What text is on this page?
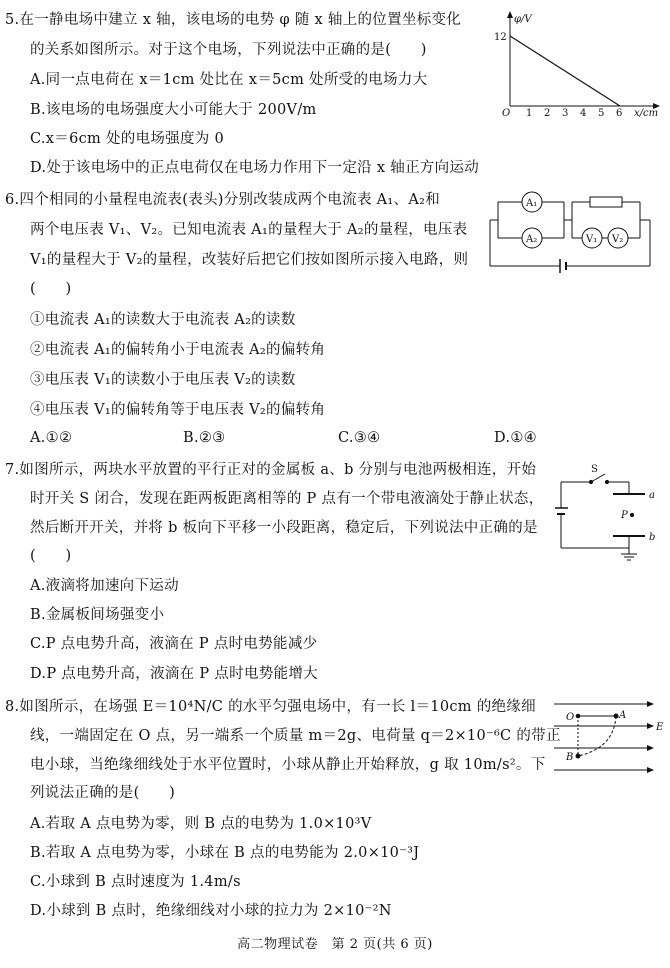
5.在一静电场中建立 x 轴，该电场的电势 φ 随 x 轴上的位置坐标变化
的关系如图所示。对于这个电场，下列说法中正确的是(　　)
A.同一点电荷在 x＝1cm 处比在 x＝5cm 处所受的电场力大
B.该电场的电场强度大小可能大于 200V/m
C.x＝6cm 处的电场强度为 0
D.处于该电场中的正点电荷仅在电场力作用下一定沿 x 轴正方向运动
φ/V
12
O 1 2 3 4 5 6 x/cm
6.四个相同的小量程电流表(表头)分别改装成两个电流表 A₁、A₂和
两个电压表 V₁、V₂。已知电流表 A₁的量程大于 A₂的量程，电压表
V₁的量程大于 V₂的量程，改装好后把它们按如图所示接入电路，则
(　　)
①电流表 A₁的读数大于电流表 A₂的读数
②电流表 A₁的偏转角小于电流表 A₂的偏转角
③电压表 V₁的读数小于电压表 V₂的读数
④电压表 V₁的偏转角等于电压表 V₂的偏转角
A.①②	B.②③	C.③④	D.①④
A₁
A₂	V₁ V₂
7.如图所示，两块水平放置的平行正对的金属板 a、b 分别与电池两极相连，开始
时开关 S 闭合，发现在距两板距离相等的 P 点有一个带电液滴处于静止状态，
然后断开开关，并将 b 板向下平移一小段距离，稳定后，下列说法中正确的是
(　　)
A.液滴将加速向下运动
B.金属板间场强变小
C.P 点电势升高，液滴在 P 点时电势能减少
D.P 点电势升高，液滴在 P 点时电势能增大
S
a
b
P
8.如图所示，在场强 E＝10⁴N/C 的水平匀强电场中，有一长 l＝10cm 的绝缘细
线，一端固定在 O 点，另一端系一个质量 m＝2g、电荷量 q＝2×10⁻⁶C 的带正
电小球，当绝缘细线处于水平位置时，小球从静止开始释放，g 取 10m/s²。下
列说法正确的是(　　)
A.若取 A 点电势为零，则 B 点的电势为 1.0×10³V
B.若取 A 点电势为零，小球在 B 点的电势能为 2.0×10⁻³J
C.小球到 B 点时速度为 1.4m/s
D.小球到 B 点时，绝缘细线对小球的拉力为 2×10⁻²N
O	A
B
E
高二物理试卷　第 2 页(共 6 页)
